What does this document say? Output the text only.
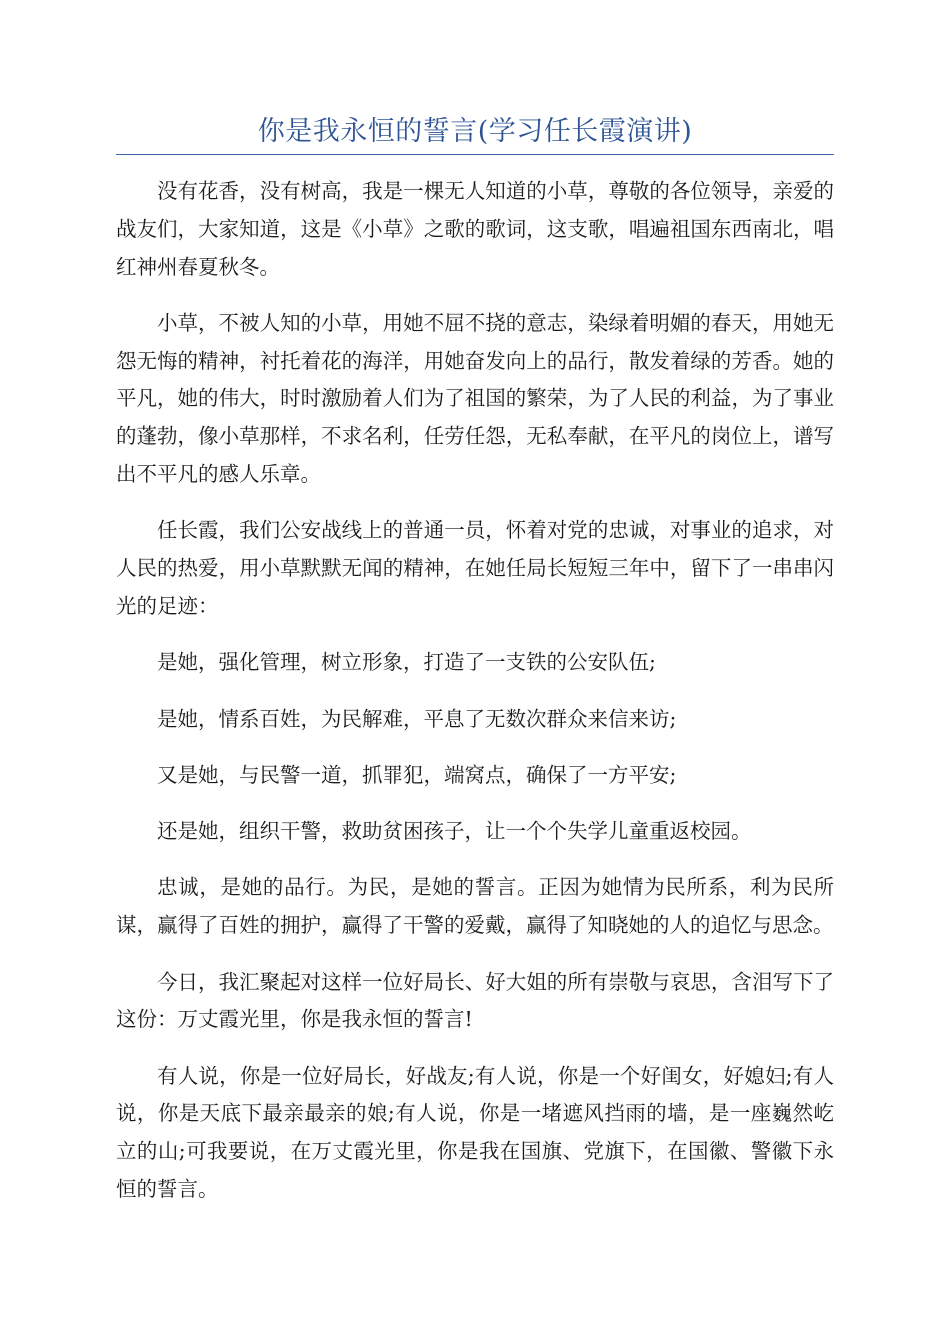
你是我永恒的誓言(学习任长霞演讲)

没有花香，没有树高，我是一棵无人知道的小草，尊敬的各位领导，亲爱的战友们，大家知道，这是《小草》之歌的歌词，这支歌，唱遍祖国东西南北，唱红神州春夏秋冬。

小草，不被人知的小草，用她不屈不挠的意志，染绿着明媚的春天，用她无怨无悔的精神，衬托着花的海洋，用她奋发向上的品行，散发着绿的芳香。她的平凡，她的伟大，时时激励着人们为了祖国的繁荣，为了人民的利益，为了事业的蓬勃，像小草那样，不求名利，任劳任怨，无私奉献，在平凡的岗位上，谱写出不平凡的感人乐章。

任长霞，我们公安战线上的普通一员，怀着对党的忠诚，对事业的追求，对人民的热爱，用小草默默无闻的精神，在她任局长短短三年中，留下了一串串闪光的足迹：

是她，强化管理，树立形象，打造了一支铁的公安队伍;

是她，情系百姓，为民解难，平息了无数次群众来信来访;

又是她，与民警一道，抓罪犯，端窝点，确保了一方平安;

还是她，组织干警，救助贫困孩子，让一个个失学儿童重返校园。

忠诚，是她的品行。为民，是她的誓言。正因为她情为民所系，利为民所谋，赢得了百姓的拥护，赢得了干警的爱戴，赢得了知晓她的人的追忆与思念。

今日，我汇聚起对这样一位好局长、好大姐的所有崇敬与哀思，含泪写下了这份：万丈霞光里，你是我永恒的誓言!

有人说，你是一位好局长，好战友;有人说，你是一个好闺女，好媳妇;有人说，你是天底下最亲最亲的娘;有人说，你是一堵遮风挡雨的墙，是一座巍然屹立的山;可我要说，在万丈霞光里，你是我在国旗、党旗下，在国徽、警徽下永恒的誓言。
